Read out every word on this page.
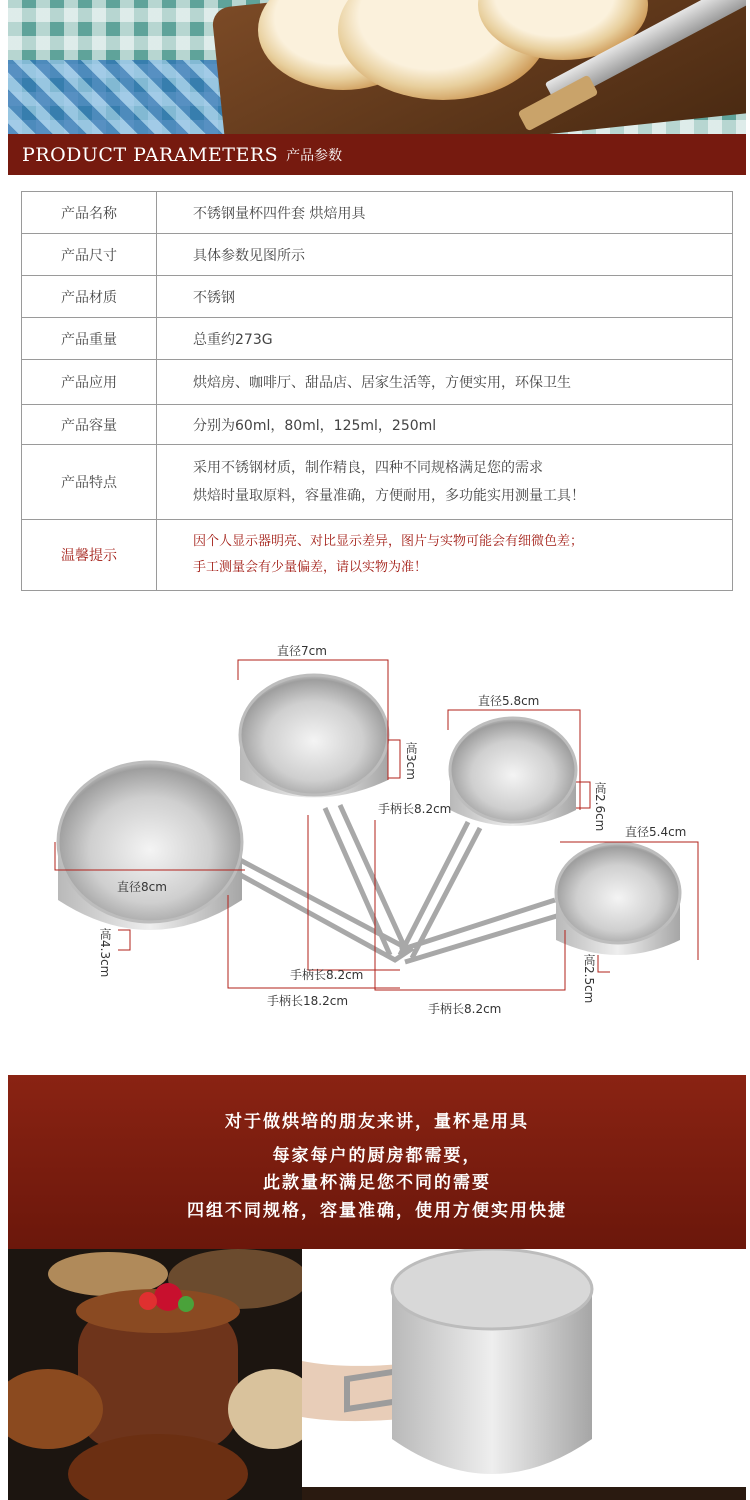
PRODUCT PARAMETERS 产品参数
产品名称	不锈钢量杯四件套 烘焙用具
产品尺寸	具体参数见图所示
产品材质	不锈钢
产品重量	总重约273G
产品应用	烘焙房、咖啡厅、甜品店、居家生活等，方便实用，环保卫生
产品容量	分别为60ml，80ml，125ml，250ml
产品特点	采用不锈钢材质，制作精良，四种不同规格满足您的需求
烘焙时量取原料，容量准确，方便耐用，多功能实用测量工具！

温馨提示	因个人显示器明亮、对比显示差异，图片与实物可能会有细微色差；
手工测量会有少量偏差，请以实物为准！
直径7cm
高3cm
直径5.8cm
高2.6cm
直径5.4cm
高2.5cm
直径8cm
高4.3cm
手柄长8.2cm
手柄长8.2cm
手柄长18.2cm
手柄长8.2cm
对于做烘培的朋友来讲，量杯是用具
每家每户的厨房都需要，
此款量杯满足您不同的需要
四组不同规格，容量准确，使用方便实用快捷
